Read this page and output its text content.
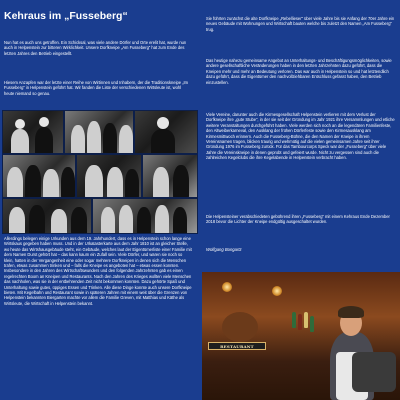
Kehraus im „Fusseberg“

Nun hat es auch uns getroffen. Ein Schicksal, was viele andere Dörfer und Orte erelit hat, wurde nun auch in Helpenstein zur bitteren Wirklichkeit. Unsere Dorfkneipe „Am Fusseberg“ hat zum Ende des letzten Jahres den Betrieb eingestellt.

Hiesem Anzapfen war der letzte einer Reihe von Wirtinnen und Inhabern, der die Traditionskneipe „Im Fusseberg“ in Helpenstein geführt hat. Wir fanden die Liste der verschiedenen Wirtsleute ist, wohl heute niemand so genau.

Allerdings belegen einige Urkunden aus dem 19. Jahrhundert, dass es in Helpenstein schon lange eine Wirtskaus gegeben haben muss. Und in der Urkatasterkarte aus dem Jahr 1810 ist an gleicher Stelle, wo heute das Wirtshausgebäude steht, ein Gebäude, welches laut der Eigentümerliste einer Familie mit dem Namen Durst gehört hat – das kann kaum ein Zufall sein. Viele Dörfer, und waren sie noch so klein, hatten in der Vergangenheit eine oder sogar mehrere Dorfkneipen in denen sich die Menschen trafen, etwas zusammen trinken und – falls die Kneipe es angeboten hat – etwas essen konnten. Insbesondere in den Jahren des Wirtschaftswunders und den folgenden Jahrzehnten gab es einen regelrechten Boom an Kneipen und Restaurants. Nach den Jahren des Krieges wollten viele Menschen das nachholen, was sie in der entbehrenden Zeit nicht bekommen konnten. Dazu gehörte Spaß und Unterhaltung sowie gutes, üppiges Essen und Trinken. Alle diese Dinge konnte auch unsere Dorfkneipe bieten. Mit Kegelbahn und Restaurant sowie in späteren Jahren mit einem weit über die Grenzen von Helpenstein bekannten Biergarten machte vor allem die Familie Greven, mit Matthias und Käthe als Wirtsleute, die Wirtschaft in Helpenstein bekannt.

Sie führten zunächst die alte Dorfkneipe „Rebellieser“ über viele Jahre bis sie Anfang der 70er Jahre ein neues Gebäude mit Wohnungen und Wirtschaft bauten welche bis zuletzt den Namen „Am Fusseberg“ trug.

Das heutige nahezu gemeinsame Angebot an Unterhaltungs- und Beschäftigungsmöglichkeiten, sowie andere gesellschaftliche Veränderungen haben in den letzten Jahrzehnten dazu geführt, dass die Kneipen mehr und mehr an Bedeutung verloren. Das war auch in Helpenstein so und hat letztendlich dazu geführt, dass die Eigentümer den nachvollziehbaren Entschluss gefasst haben, den Betrieb einzustellen.

Viele Vereine, darunter auch die Kirmesgesellschaft Helpenstein verlieren mit dem Verlust der Dorfkneipe ihre „gute Stube“, in der sie seit der Gründung im Jahr 1921 ihre Versammlungen und etliche weitere Veranstaltungen durchgeführt haben. Viele werden sich noch an die legendären Familienfeste, den Altweiberkarneval, den Ausklang der frühen Dörferfeste sowie den Kirmesausklang am Kirmesmittwoch erinnern. Auch die Fusseberg-Bühne, die den Namen der Kneipe in ihrem Vereinsnamen tragen, blicken traurig und wehmütig auf die vielen gemeinsamen Jahre seit ihrer Gründung 1976 im Fusseberg zurück. Für das Tambourcorps Speck war der „Fusseberg“ über viele Jahre die Vereinskneipe in denen geprobt und gefeiert wurde. Nicht zu vergessen sind auch die zahlreichen Kegelclubs die ihre Kegelabende in Helpenstein verbracht haben.

Die Helpensteiner verabschiedeten gebührend ihren „Fusseberg“ mit einem Kehraus Ende Dezember 2018 bevor die Lichter der Kneipe endgültig ausgeschaltet wurden.

Wolfgang Bongartz
RESTAURANT
